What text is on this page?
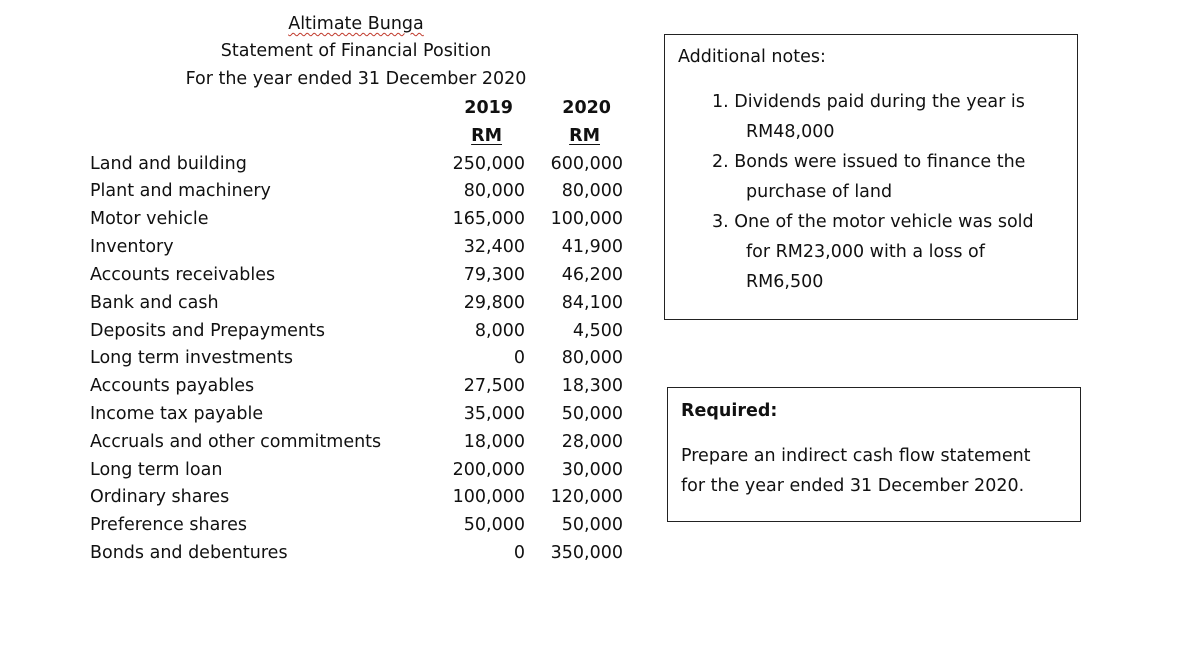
Altimate Bunga
Statement of Financial Position
For the year ended 31 December 2020
2019	2020
RM	RM
Land and building	250,000 600,000
Plant and machinery	80,000 80,000
Motor vehicle	165,000 100,000
Inventory	32,400 41,900
Accounts receivables	79,300 46,200
Bank and cash	29,800 84,100
Deposits and Prepayments	8,000	4,500
Long term investments	0 80,000
Accounts payables	27,500 18,300
Income tax payable	35,000 50,000
Accruals and other commitments	18,000 28,000
Long term loan	200,000 30,000
Ordinary shares	100,000 120,000
Preference shares	50,000 50,000
Bonds and debentures	0 350,000
Additional notes:
1. Dividends paid during the year is
RM48,000
2. Bonds were issued to finance the
purchase of land
3. One of the motor vehicle was sold
for RM23,000 with a loss of
RM6,500
Required:
Prepare an indirect cash flow statement
for the year ended 31 December 2020.
